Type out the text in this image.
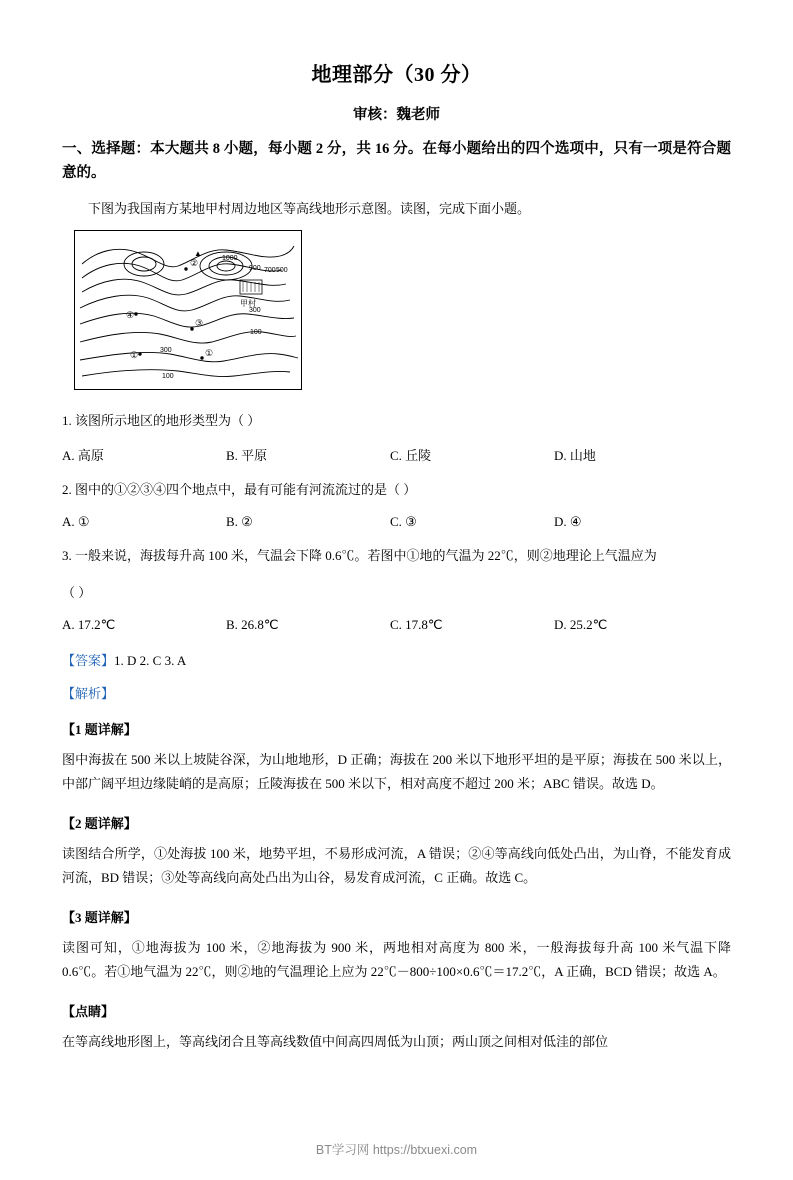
地理部分（30 分）
审核：魏老师
一、选择题：本大题共 8 小题，每小题 2 分，共 16 分。在每小题给出的四个选项中，只有一项是符合题意的。
下图为我国南方某地甲村周边地区等高线地形示意图。读图，完成下面小题。
1000
900 700 500
300
100
300
100
甲村
▲
②
④
③
①	①
1. 该图所示地区的地形类型为（ ）
A. 高原	B. 平原	C. 丘陵	D. 山地
2. 图中的①②③④四个地点中，最有可能有河流流过的是（ ）
A. ①	B. ②	C. ③	D. ④
3. 一般来说，海拔每升高 100 米，气温会下降 0.6℃。若图中①地的气温为 22℃，则②地理论上气温应为
（ ）
A. 17.2℃	B. 26.8℃	C. 17.8℃	D. 25.2℃
【答案】1. D 2. C 3. A
【解析】
【1 题详解】
图中海拔在 500 米以上坡陡谷深，为山地地形，D 正确；海拔在 200 米以下地形平坦的是平原；海拔在 500 米以上，中部广阔平坦边缘陡峭的是高原；丘陵海拔在 500 米以下，相对高度不超过 200 米；ABC 错误。故选 D。
【2 题详解】
读图结合所学，①处海拔 100 米，地势平坦，不易形成河流，A 错误；②④等高线向低处凸出，为山脊，不能发育成河流，BD 错误；③处等高线向高处凸出为山谷，易发育成河流，C 正确。故选 C。
【3 题详解】
读图可知，①地海拔为 100 米，②地海拔为 900 米，两地相对高度为 800 米，一般海拔每升高 100 米气温下降 0.6℃。若①地气温为 22℃，则②地的气温理论上应为 22℃－800÷100×0.6℃＝17.2℃，A 正确，BCD 错误；故选 A。
【点睛】
在等高线地形图上，等高线闭合且等高线数值中间高四周低为山顶；两山顶之间相对低洼的部位
BT学习网 https://btxuexi.com
